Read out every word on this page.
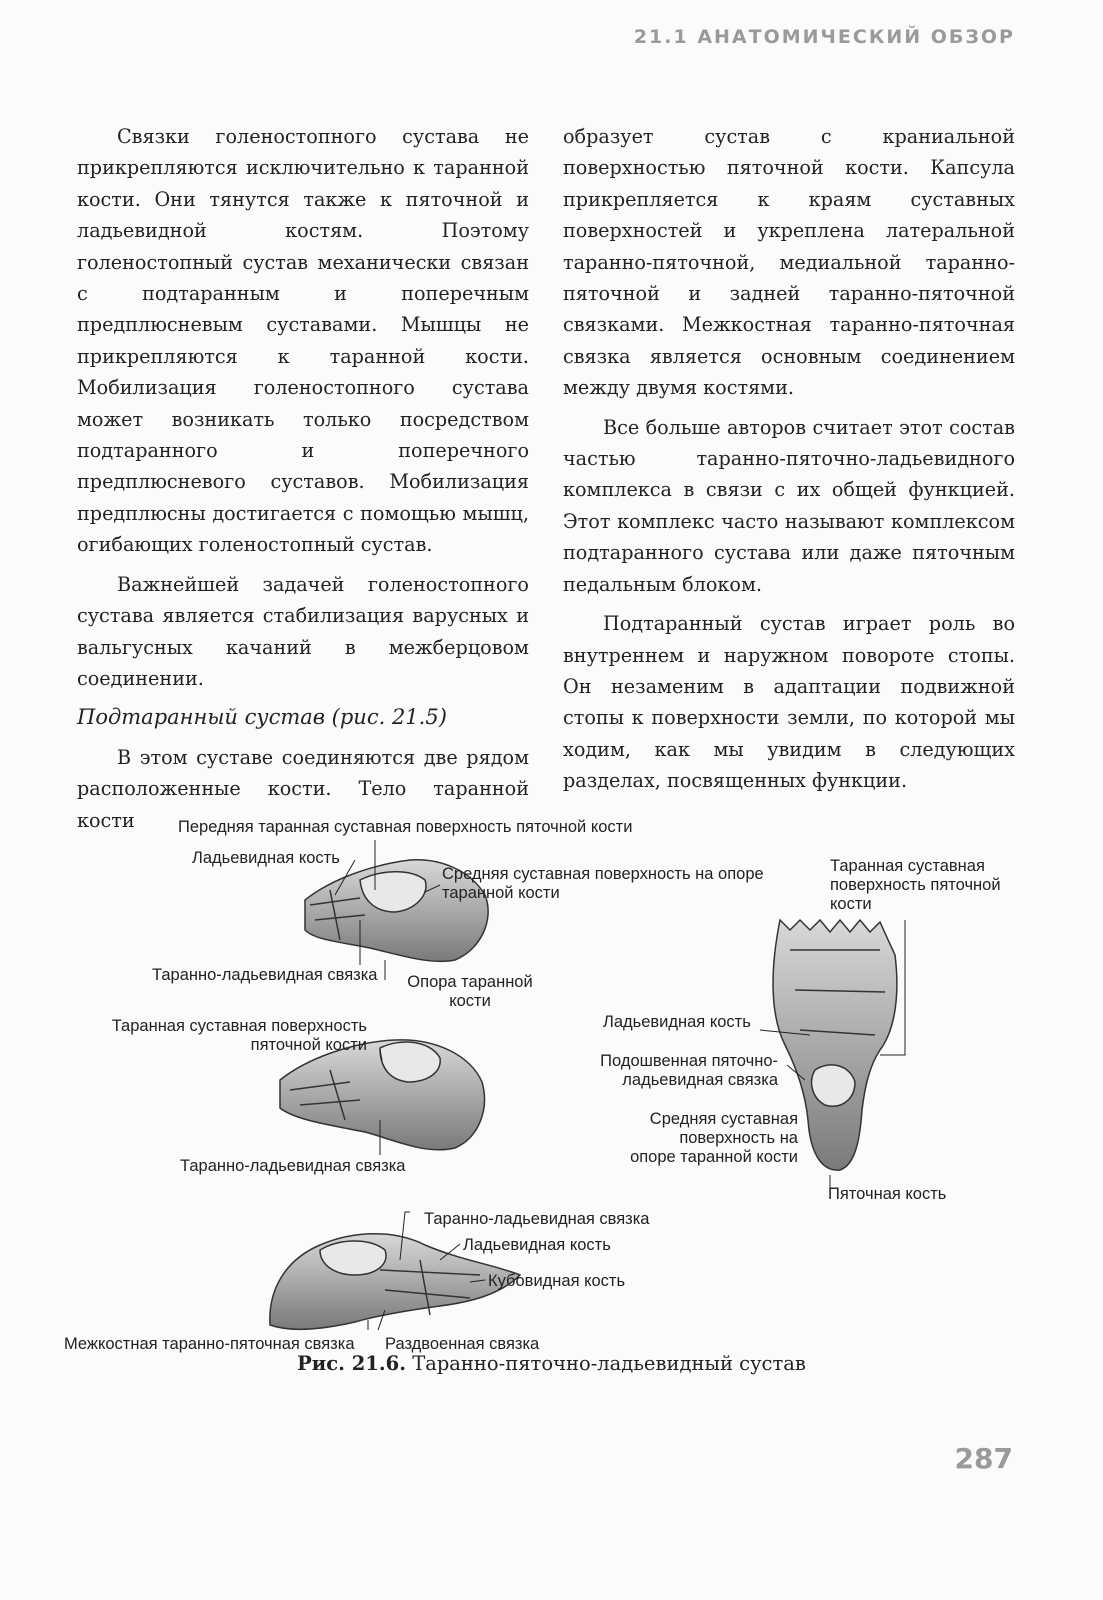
21.1 АНАТОМИЧЕСКИЙ ОБЗОР

Связки голеностопного сустава не прикрепляются исключительно к таранной кости. Они тянутся также к пяточной и ладьевидной костям. Поэтому голеностопный сустав механически связан с подтаранным и поперечным предплюсневым суставами. Мышцы не прикрепляются к таранной кости. Мобилизация голеностопного сустава может возникать только посредством подтаранного и поперечного предплюсневого суставов. Мобилизация предплюсны достигается с помощью мышц, огибающих голеностопный сустав.

Важнейшей задачей голеностопного сустава является стабилизация варусных и вальгусных качаний в межберцовом соединении.

Подтаранный сустав (рис. 21.5)

В этом суставе соединяются две рядом расположенные кости. Тело таранной кости

образует сустав с краниальной поверхностью пяточной кости. Капсула прикрепляется к краям суставных поверхностей и укреплена латеральной таранно-пяточной, медиальной таранно-пяточной и задней таранно-пяточной связками. Межкостная таранно-пяточная связка является основным соединением между двумя костями.

Все больше авторов считает этот состав частью таранно-пяточно-ладьевидного комплекса в связи с их общей функцией. Этот комплекс часто называют комплексом подтаранного сустава или даже пяточным педальным блоком.

Подтаранный сустав играет роль во внутреннем и наружном повороте стопы. Он незаменим в адаптации подвижной стопы к поверхности земли, по которой мы ходим, как мы увидим в следующих разделах, посвященных функции.

Передняя таранная суставная поверхность пяточной кости
Ладьевидная кость
Средняя суставная поверхность на опоре таранной кости
Таранно-ладьевидная связка	Опора таранной кости
Таранная суставная поверхность пяточной кости
Таранно-ладьевидная связка
Таранно-ладьевидная связка
Ладьевидная кость
Кубовидная кость
Межкостная таранно-пяточная связка Раздвоенная связка
Таранная суставная поверхность пяточной кости
Ладьевидная кость
Подошвенная пяточно-ладьевидная связка
Средняя суставная поверхность на опоре таранной кости
Пяточная кость
Рис. 21.6. Таранно-пяточно-ладьевидный сустав
287
